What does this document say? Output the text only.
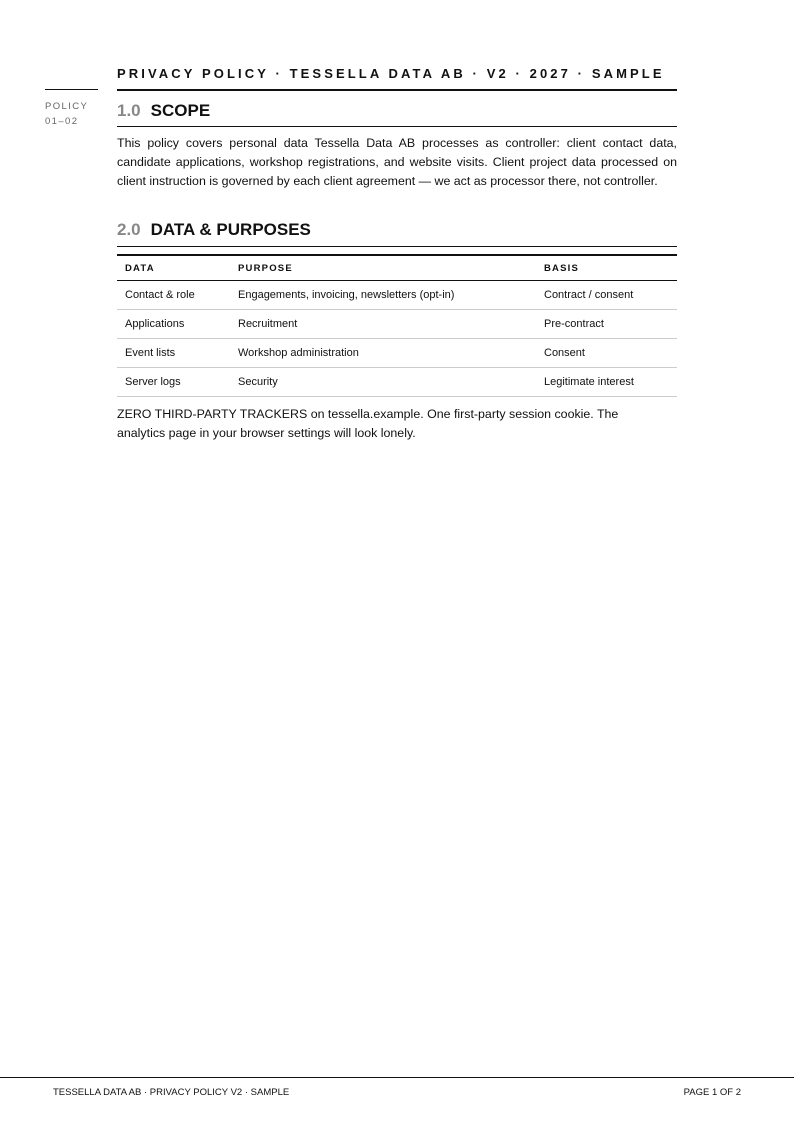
PRIVACY POLICY · TESSELLA DATA AB · V2 · 2027 · SAMPLE
POLICY
01–02
1.0 SCOPE

This policy covers personal data Tessella Data AB processes as controller: client contact data, candidate applications, workshop registrations, and website visits. Client project data processed on client instruction is governed by each client agreement — we act as processor there, not controller.

2.0 DATA & PURPOSES
DATA	PURPOSE	BASIS
Contact & role	Engagements, invoicing, newsletters (opt-in)	Contract / consent
Applications	Recruitment	Pre-contract
Event lists	Workshop administration	Consent
Server logs	Security	Legitimate interest

ZERO THIRD-PARTY TRACKERS on tessella.example. One first-party session cookie. The analytics page in your browser settings will look lonely.

TESSELLA DATA AB · PRIVACY POLICY V2 · SAMPLE	PAGE 1 OF 2
